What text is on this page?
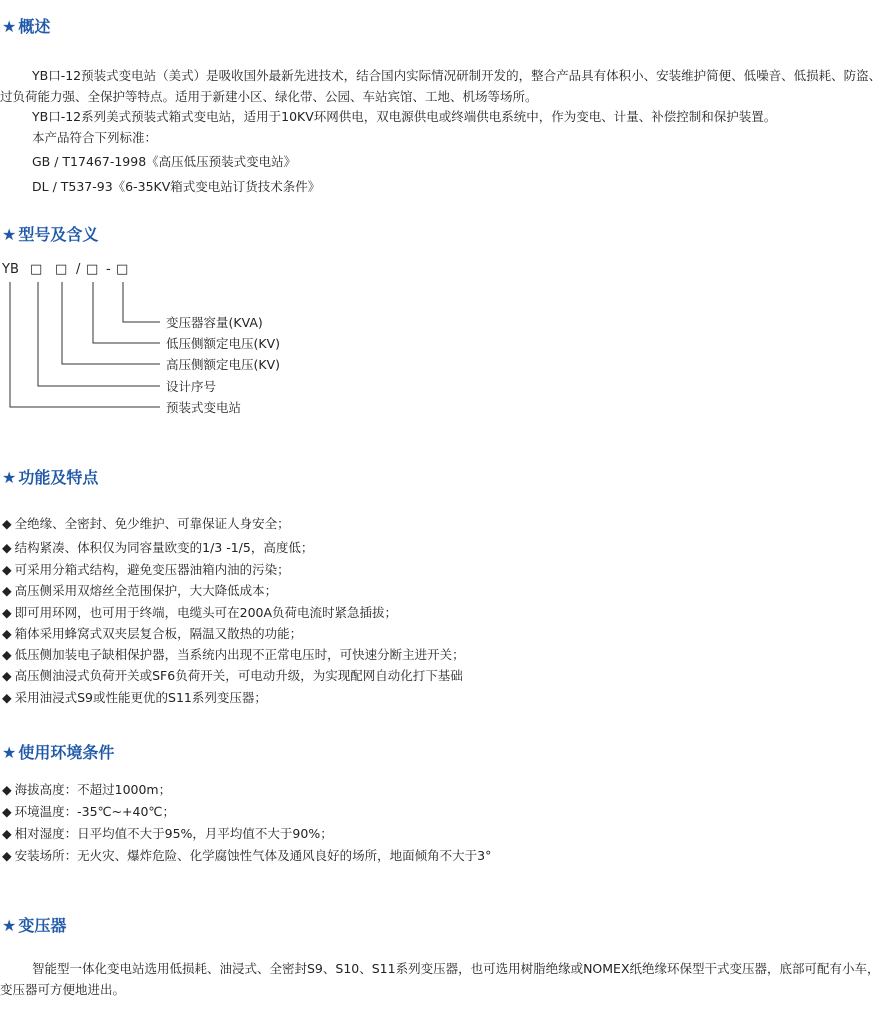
★ 概述
YB口-12预装式变电站（美式）是吸收国外最新先进技术，结合国内实际情况研制开发的，整合产品具有体积小、安装维护简便、低噪音、低损耗、防盗、过负荷能力强、全保护等特点。适用于新建小区、绿化带、公园、车站宾馆、工地、机场等场所。
YB口-12系列美式预装式箱式变电站，适用于10KV环网供电，双电源供电或终端供电系统中，作为变电、计量、补偿控制和保护装置。
本产品符合下列标准：
GB / T17467-1998《高压低压预装式变电站》
DL / T537-93《6-35KV箱式变电站订货技术条件》
★ 型号及含义
YB □ □ / □ - □
变压器容量(KVA)
低压侧额定电压(KV)
高压侧额定电压(KV)
设计序号
预装式变电站
★ 功能及特点
◆ 全绝缘、全密封、免少维护、可靠保证人身安全；
◆ 结构紧凑、体积仅为同容量欧变的1/3 -1/5，高度低；
◆ 可采用分箱式结构，避免变压器油箱内油的污染；
◆ 高压侧采用双熔丝全范围保护，大大降低成本；
◆ 即可用环网，也可用于终端，电缆头可在200A负荷电流时紧急插拔；
◆ 箱体采用蜂窝式双夹层复合板，隔温又散热的功能；
◆ 低压侧加装电子缺相保护器，当系统内出现不正常电压时，可快速分断主进开关；
◆ 高压侧油浸式负荷开关或SF6负荷开关，可电动升级，为实现配网自动化打下基础
◆ 采用油浸式S9或性能更优的S11系列变压器；
★ 使用环境条件
◆ 海拔高度：不超过1000m；
◆ 环境温度：-35℃~+40℃；
◆ 相对湿度：日平均值不大于95%，月平均值不大于90%；
◆ 安装场所：无火灾、爆炸危险、化学腐蚀性气体及通风良好的场所，地面倾角不大于3°
★ 变压器
智能型一体化变电站选用低损耗、油浸式、全密封S9、S10、S11系列变压器，也可选用树脂绝缘或NOMEX纸绝缘环保型干式变压器，底部可配有小车，变压器可方便地进出。
